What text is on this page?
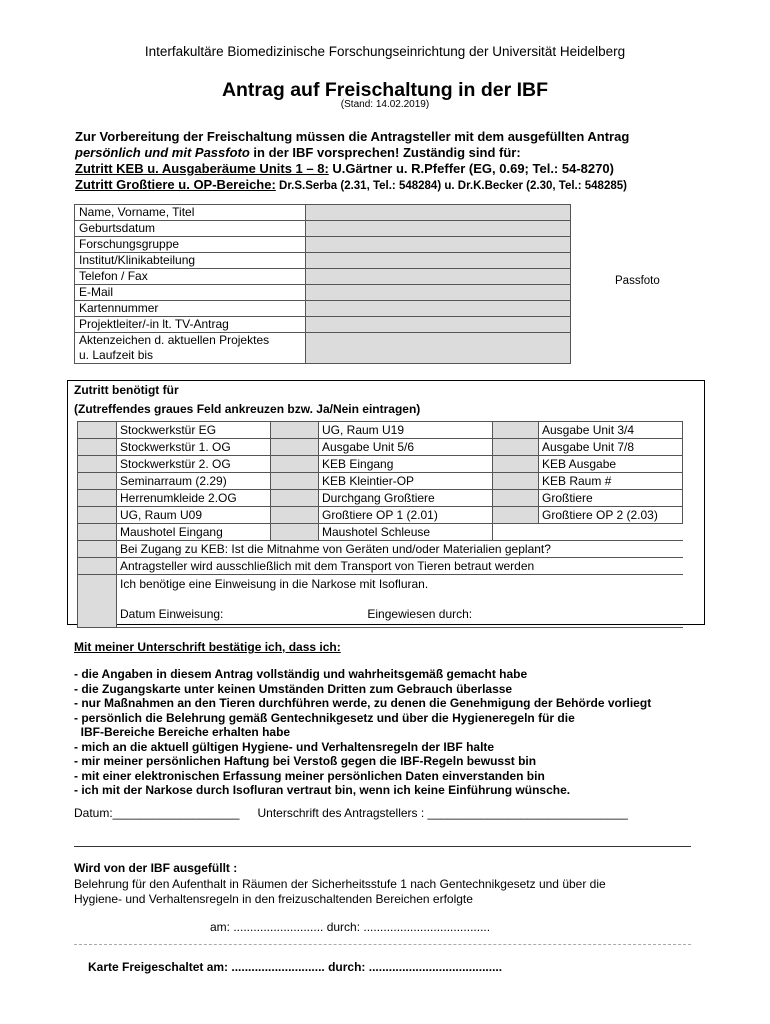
Interfakultäre Biomedizinische Forschungseinrichtung der Universität Heidelberg
Antrag auf Freischaltung in der IBF
(Stand: 14.02.2019)
Zur Vorbereitung der Freischaltung müssen die Antragsteller mit dem ausgefüllten Antrag
persönlich und mit Passfoto in der IBF vorsprechen! Zuständig sind für:
Zutritt KEB u. Ausgaberäume Units 1 – 8: U.Gärtner u. R.Pfeffer (EG, 0.69; Tel.: 54-8270)
Zutritt Großtiere u. OP-Bereiche: Dr.S.Serba (2.31, Tel.: 548284) u. Dr.K.Becker (2.30, Tel.: 548285)
Name, Vorname, Titel	
Geburtsdatum	
Forschungsgruppe	
Institut/Klinikabteilung	
Telefon / Fax	
E-Mail	
Kartennummer	
Projektleiter/-in lt. TV-Antrag	

Aktenzeichen d. aktuellen Projektes
u. Laufzeit bis	

Passfoto
Zutritt benötigt für
(Zutreffendes graues Feld ankreuzen bzw. Ja/Nein eintragen)
	Stockwerkstür EG		UG, Raum U19		Ausgabe Unit 3/4
	Stockwerkstür 1. OG		Ausgabe Unit 5/6		Ausgabe Unit 7/8
	Stockwerkstür 2. OG		KEB Eingang		KEB Ausgabe
	Seminarraum (2.29)		KEB Kleintier-OP		KEB Raum #
	Herrenumkleide 2.OG		Durchgang Großtiere		Großtiere
	UG, Raum U09		Großtiere OP 1 (2.01)		Großtiere OP 2 (2.03)
	Maushotel Eingang		Maushotel Schleuse		
	Bei Zugang zu KEB: Ist die Mitnahme von Geräten und/oder Materialien geplant?				
	Antragsteller wird ausschließlich mit dem Transport von Tieren betraut werden				

	Ich benötige eine Einweisung in die Narkose mit Isofluran.
Datum Einweisung: Eingewiesen durch:				
Mit meiner Unterschrift bestätige ich, dass ich:
- die Angaben in diesem Antrag vollständig und wahrheitsgemäß gemacht habe
- die Zugangskarte unter keinen Umständen Dritten zum Gebrauch überlasse
- nur Maßnahmen an den Tieren durchführen werde, zu denen die Genehmigung der Behörde vorliegt
- persönlich die Belehrung gemäß Gentechnikgesetz und über die Hygieneregeln für die
IBF-Bereiche Bereiche erhalten habe
- mich an die aktuell gültigen Hygiene- und Verhaltensregeln der IBF halte
- mir meiner persönlichen Haftung bei Verstoß gegen die IBF-Regeln bewusst bin
- mit einer elektronischen Erfassung meiner persönlichen Daten einverstanden bin
- ich mit der Narkose durch Isofluran vertraut bin, wenn ich keine Einführung wünsche.
Datum:___________________ Unterschrift des Antragstellers : ______________________________
Wird von der IBF ausgefüllt :
Belehrung für den Aufenthalt in Räumen der Sicherheitsstufe 1 nach Gentechnikgesetz und über die
Hygiene- und Verhaltensregeln in den freizuschaltenden Bereichen erfolgte
am: ........................... durch: ......................................
Karte Freigeschaltet am: ............................ durch: ........................................
